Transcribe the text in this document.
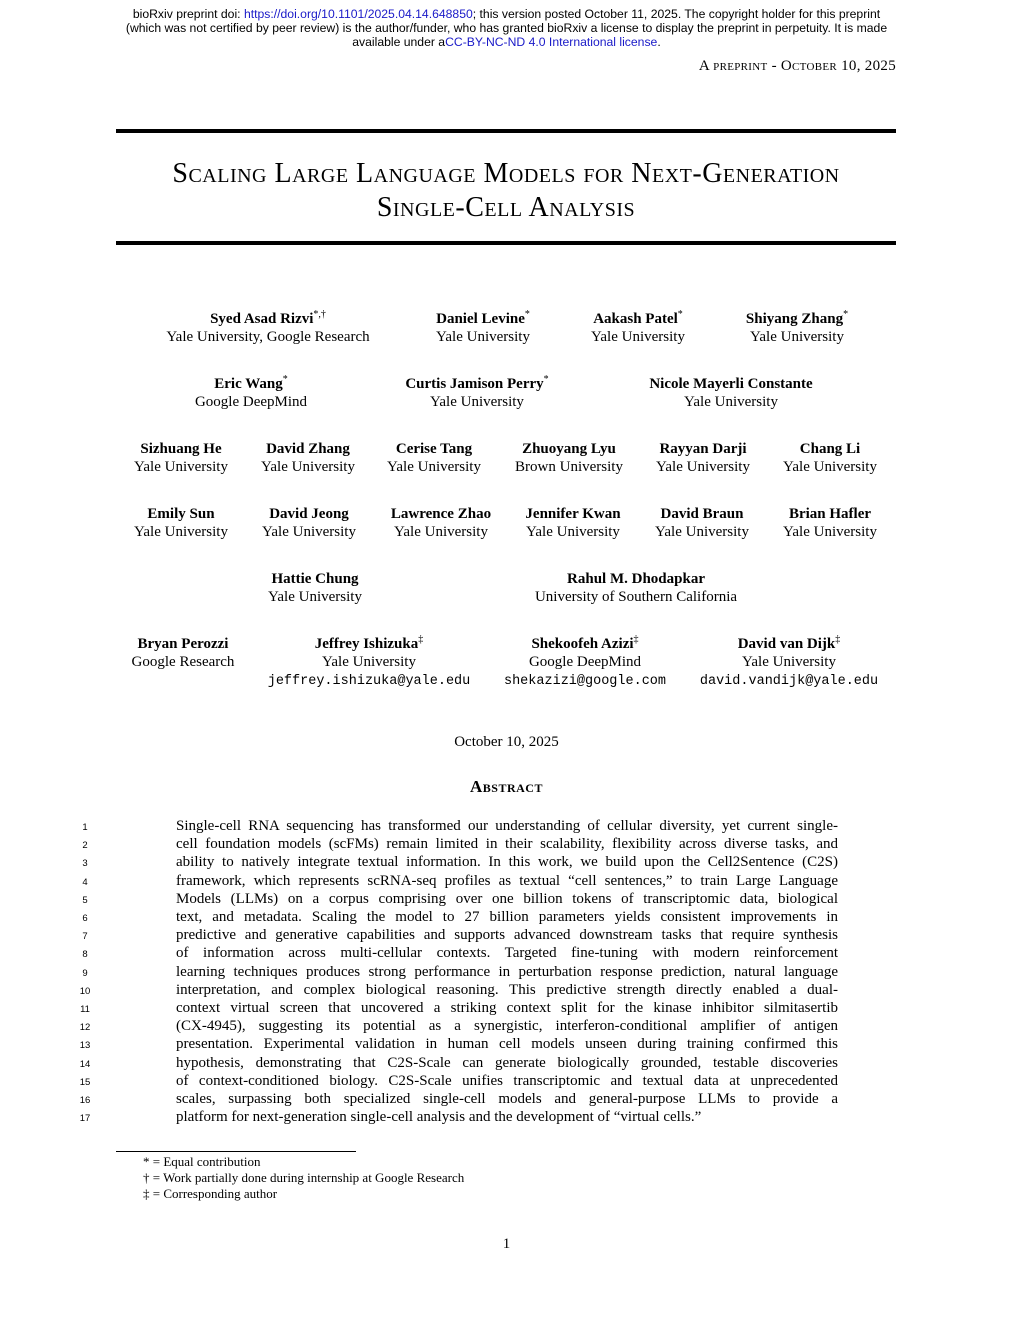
bioRxiv preprint doi: https://doi.org/10.1101/2025.04.14.648850; this version posted October 11, 2025. The copyright holder for this preprint
(which was not certified by peer review) is the author/funder, who has granted bioRxiv a license to display the preprint in perpetuity. It is made
available under aCC-BY-NC-ND 4.0 International license.
A preprint - October 10, 2025
Scaling Large Language Models for Next-Generation
Single-Cell Analysis
Syed Asad Rizvi*,†
Yale University, Google Research
Daniel Levine*
Yale University
Aakash Patel*
Yale University
Shiyang Zhang*
Yale University
Eric Wang*
Google DeepMind
Curtis Jamison Perry*
Yale University
Nicole Mayerli Constante
Yale University
Sizhuang He
Yale University
David Zhang
Yale University
Cerise Tang
Yale University
Zhuoyang Lyu
Brown University
Rayyan Darji
Yale University
Chang Li
Yale University
Emily Sun
Yale University
David Jeong
Yale University
Lawrence Zhao
Yale University
Jennifer Kwan
Yale University
David Braun
Yale University
Brian Hafler
Yale University
Hattie Chung
Yale University
Rahul M. Dhodapkar
University of Southern California
Bryan Perozzi
Google Research
Jeffrey Ishizuka‡
Yale University
jeffrey.ishizuka@yale.edu
Shekoofeh Azizi‡
Google DeepMind
shekazizi@google.com
David van Dijk‡
Yale University
david.vandijk@yale.edu
October 10, 2025
Abstract
1	Single-cell RNA sequencing has transformed our understanding of cellular diversity, yet current single-
2	cell foundation models (scFMs) remain limited in their scalability, flexibility across diverse tasks, and
3	ability to natively integrate textual information. In this work, we build upon the Cell2Sentence (C2S)
4	framework, which represents scRNA-seq profiles as textual “cell sentences,” to train Large Language
5	Models (LLMs) on a corpus comprising over one billion tokens of transcriptomic data, biological
6	text, and metadata. Scaling the model to 27 billion parameters yields consistent improvements in
7	predictive and generative capabilities and supports advanced downstream tasks that require synthesis
8	of information across multi-cellular contexts. Targeted fine-tuning with modern reinforcement
9	learning techniques produces strong performance in perturbation response prediction, natural language
10	interpretation, and complex biological reasoning. This predictive strength directly enabled a dual-
11	context virtual screen that uncovered a striking context split for the kinase inhibitor silmitasertib
12	(CX-4945), suggesting its potential as a synergistic, interferon-conditional amplifier of antigen
13	presentation. Experimental validation in human cell models unseen during training confirmed this
14	hypothesis, demonstrating that C2S-Scale can generate biologically grounded, testable discoveries
15	of context-conditioned biology. C2S-Scale unifies transcriptomic and textual data at unprecedented
16	scales, surpassing both specialized single-cell models and general-purpose LLMs to provide a
17	platform for next-generation single-cell analysis and the development of “virtual cells.”
* = Equal contribution
† = Work partially done during internship at Google Research
‡ = Corresponding author
1
